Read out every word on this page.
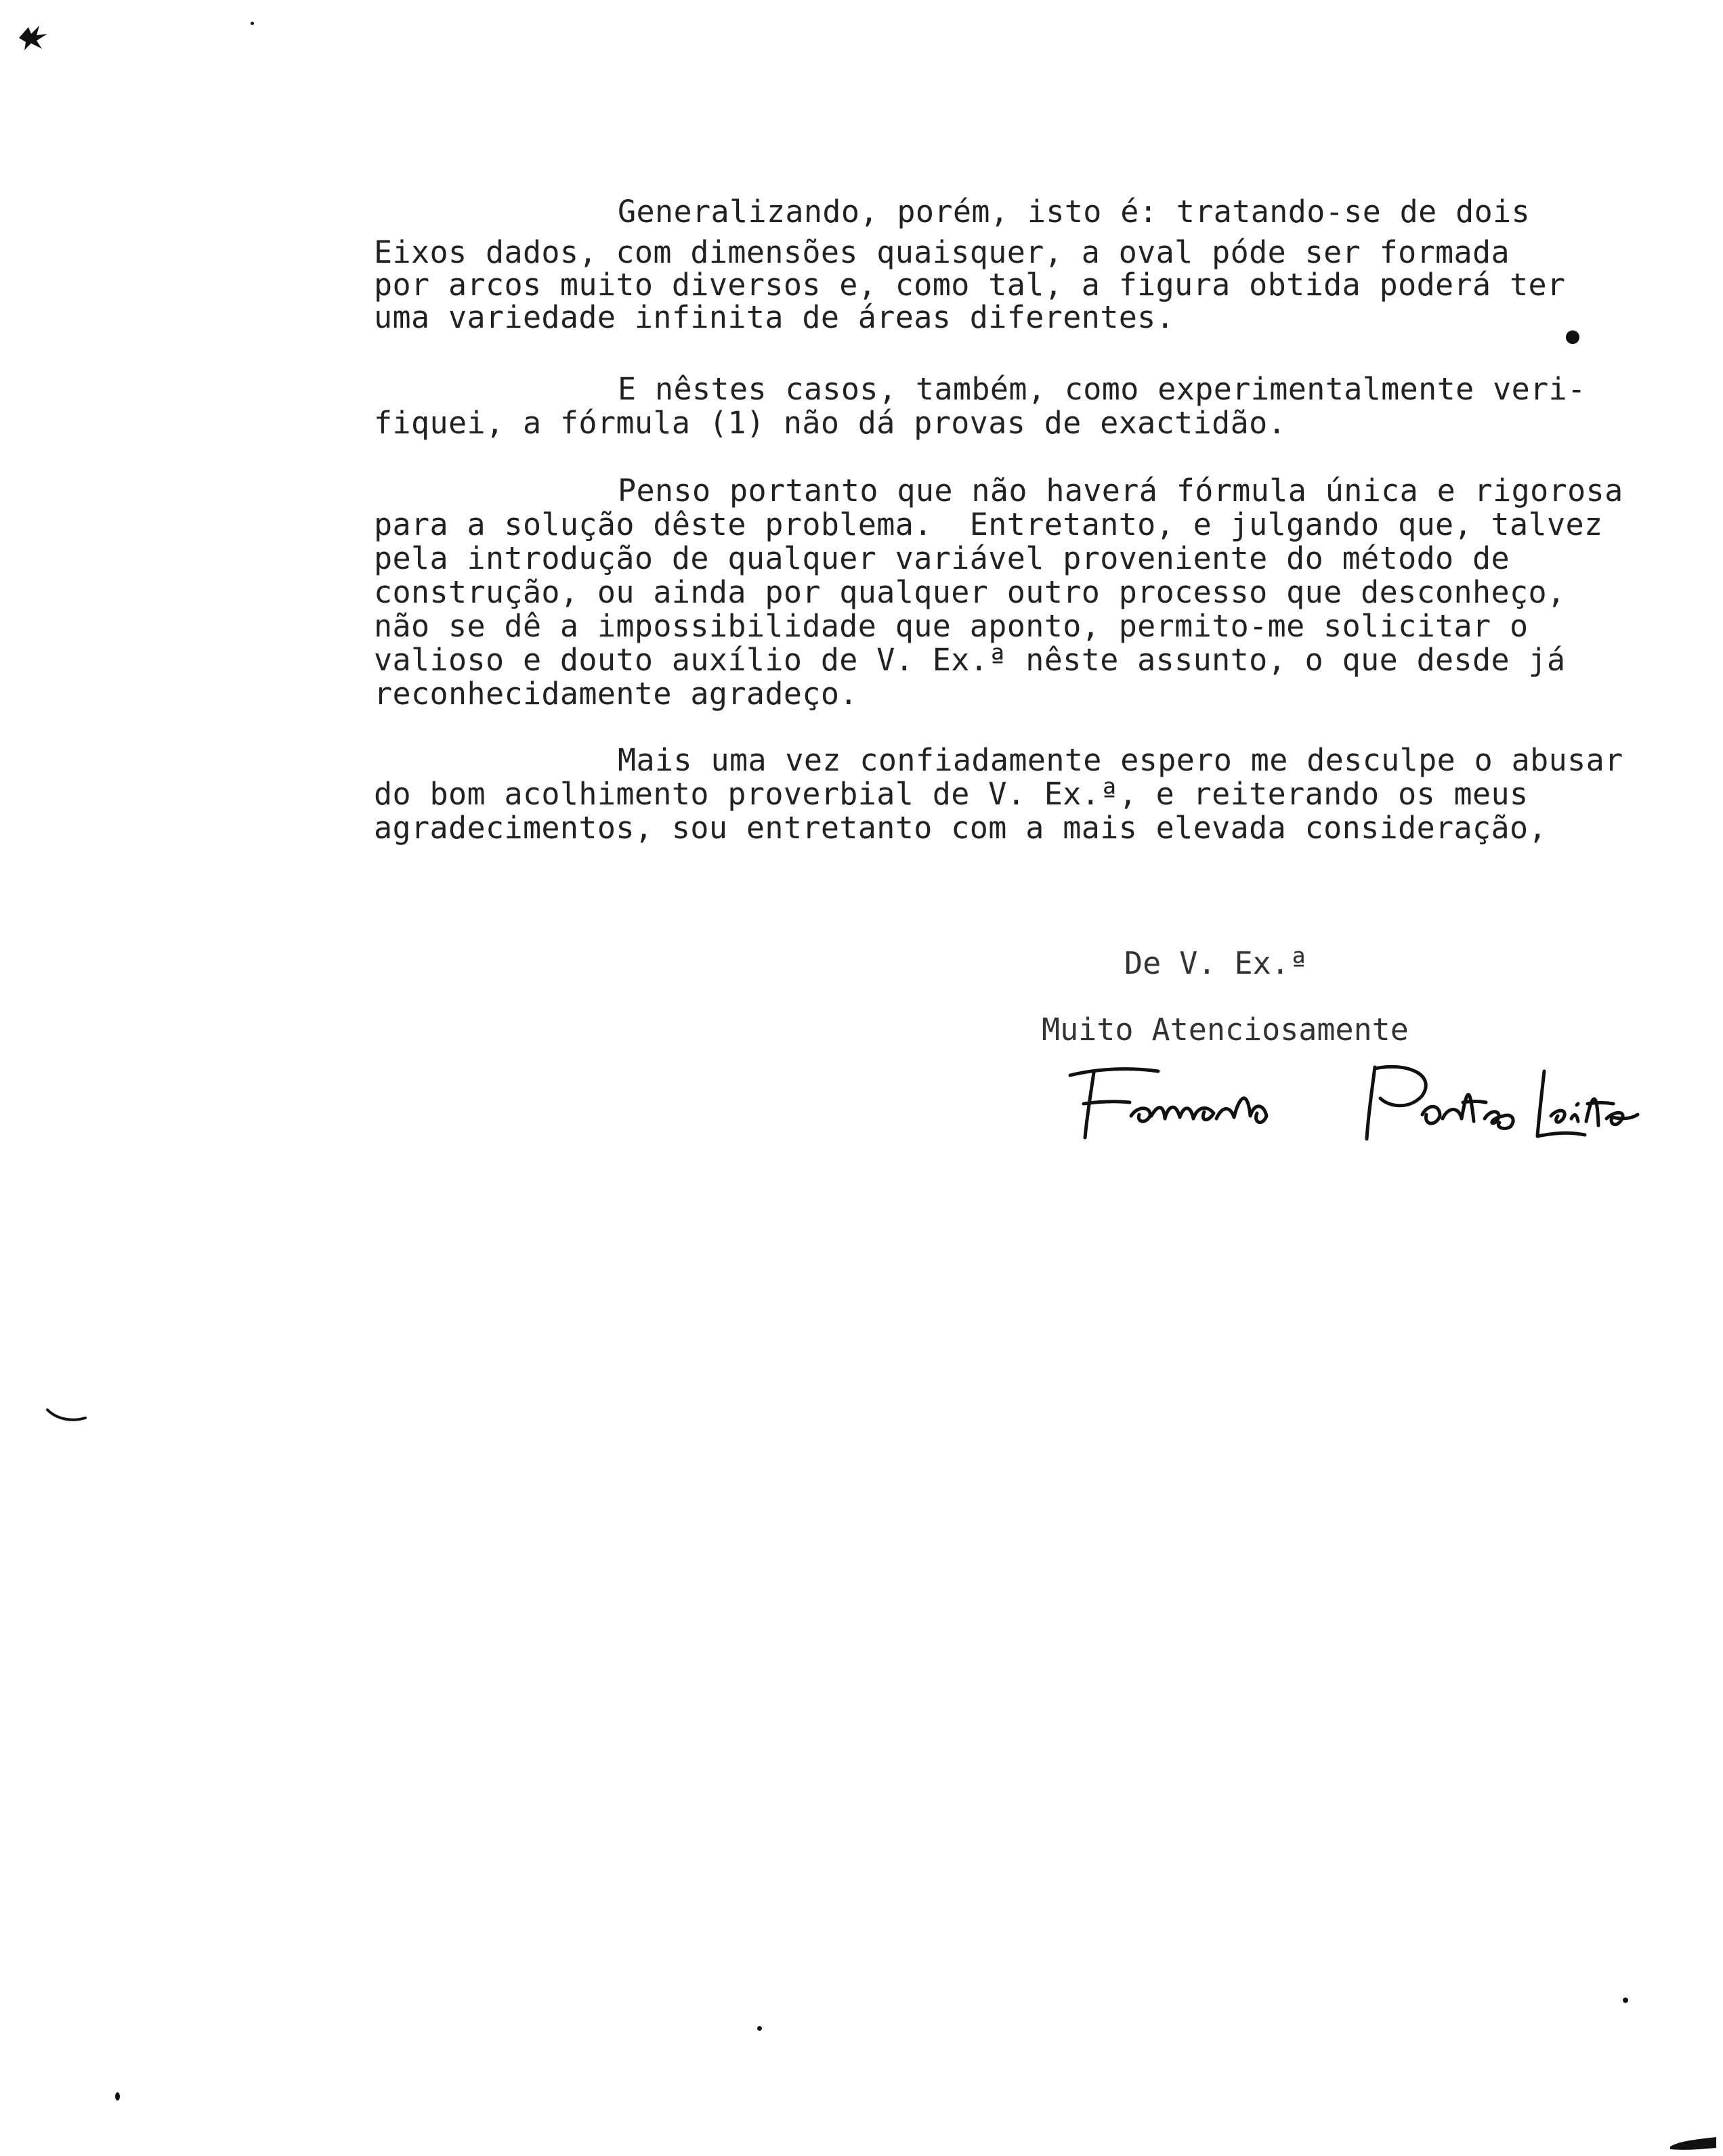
Generalizando, porém, isto é: tratando-se de dois
Eixos dados, com dimensões quaisquer, a oval póde ser formada
por arcos muito diversos e, como tal, a figura obtida poderá ter
uma variedade infinita de áreas diferentes.
E nêstes casos, também, como experimentalmente veri-
fiquei, a fórmula (1) não dá provas de exactidão.
Penso portanto que não haverá fórmula única e rigorosa
para a solução dêste problema.  Entretanto, e julgando que, talvez
pela introdução de qualquer variável proveniente do método de
construção, ou ainda por qualquer outro processo que desconheço,
não se dê a impossibilidade que aponto, permito-me solicitar o
valioso e douto auxílio de V. Ex.ª nêste assunto, o que desde já
reconhecidamente agradeço.
Mais uma vez confiadamente espero me desculpe o abusar
do bom acolhimento proverbial de V. Ex.ª, e reiterando os meus
agradecimentos, sou entretanto com a mais elevada consideração,
De V. Ex.ª
Muito Atenciosamente
